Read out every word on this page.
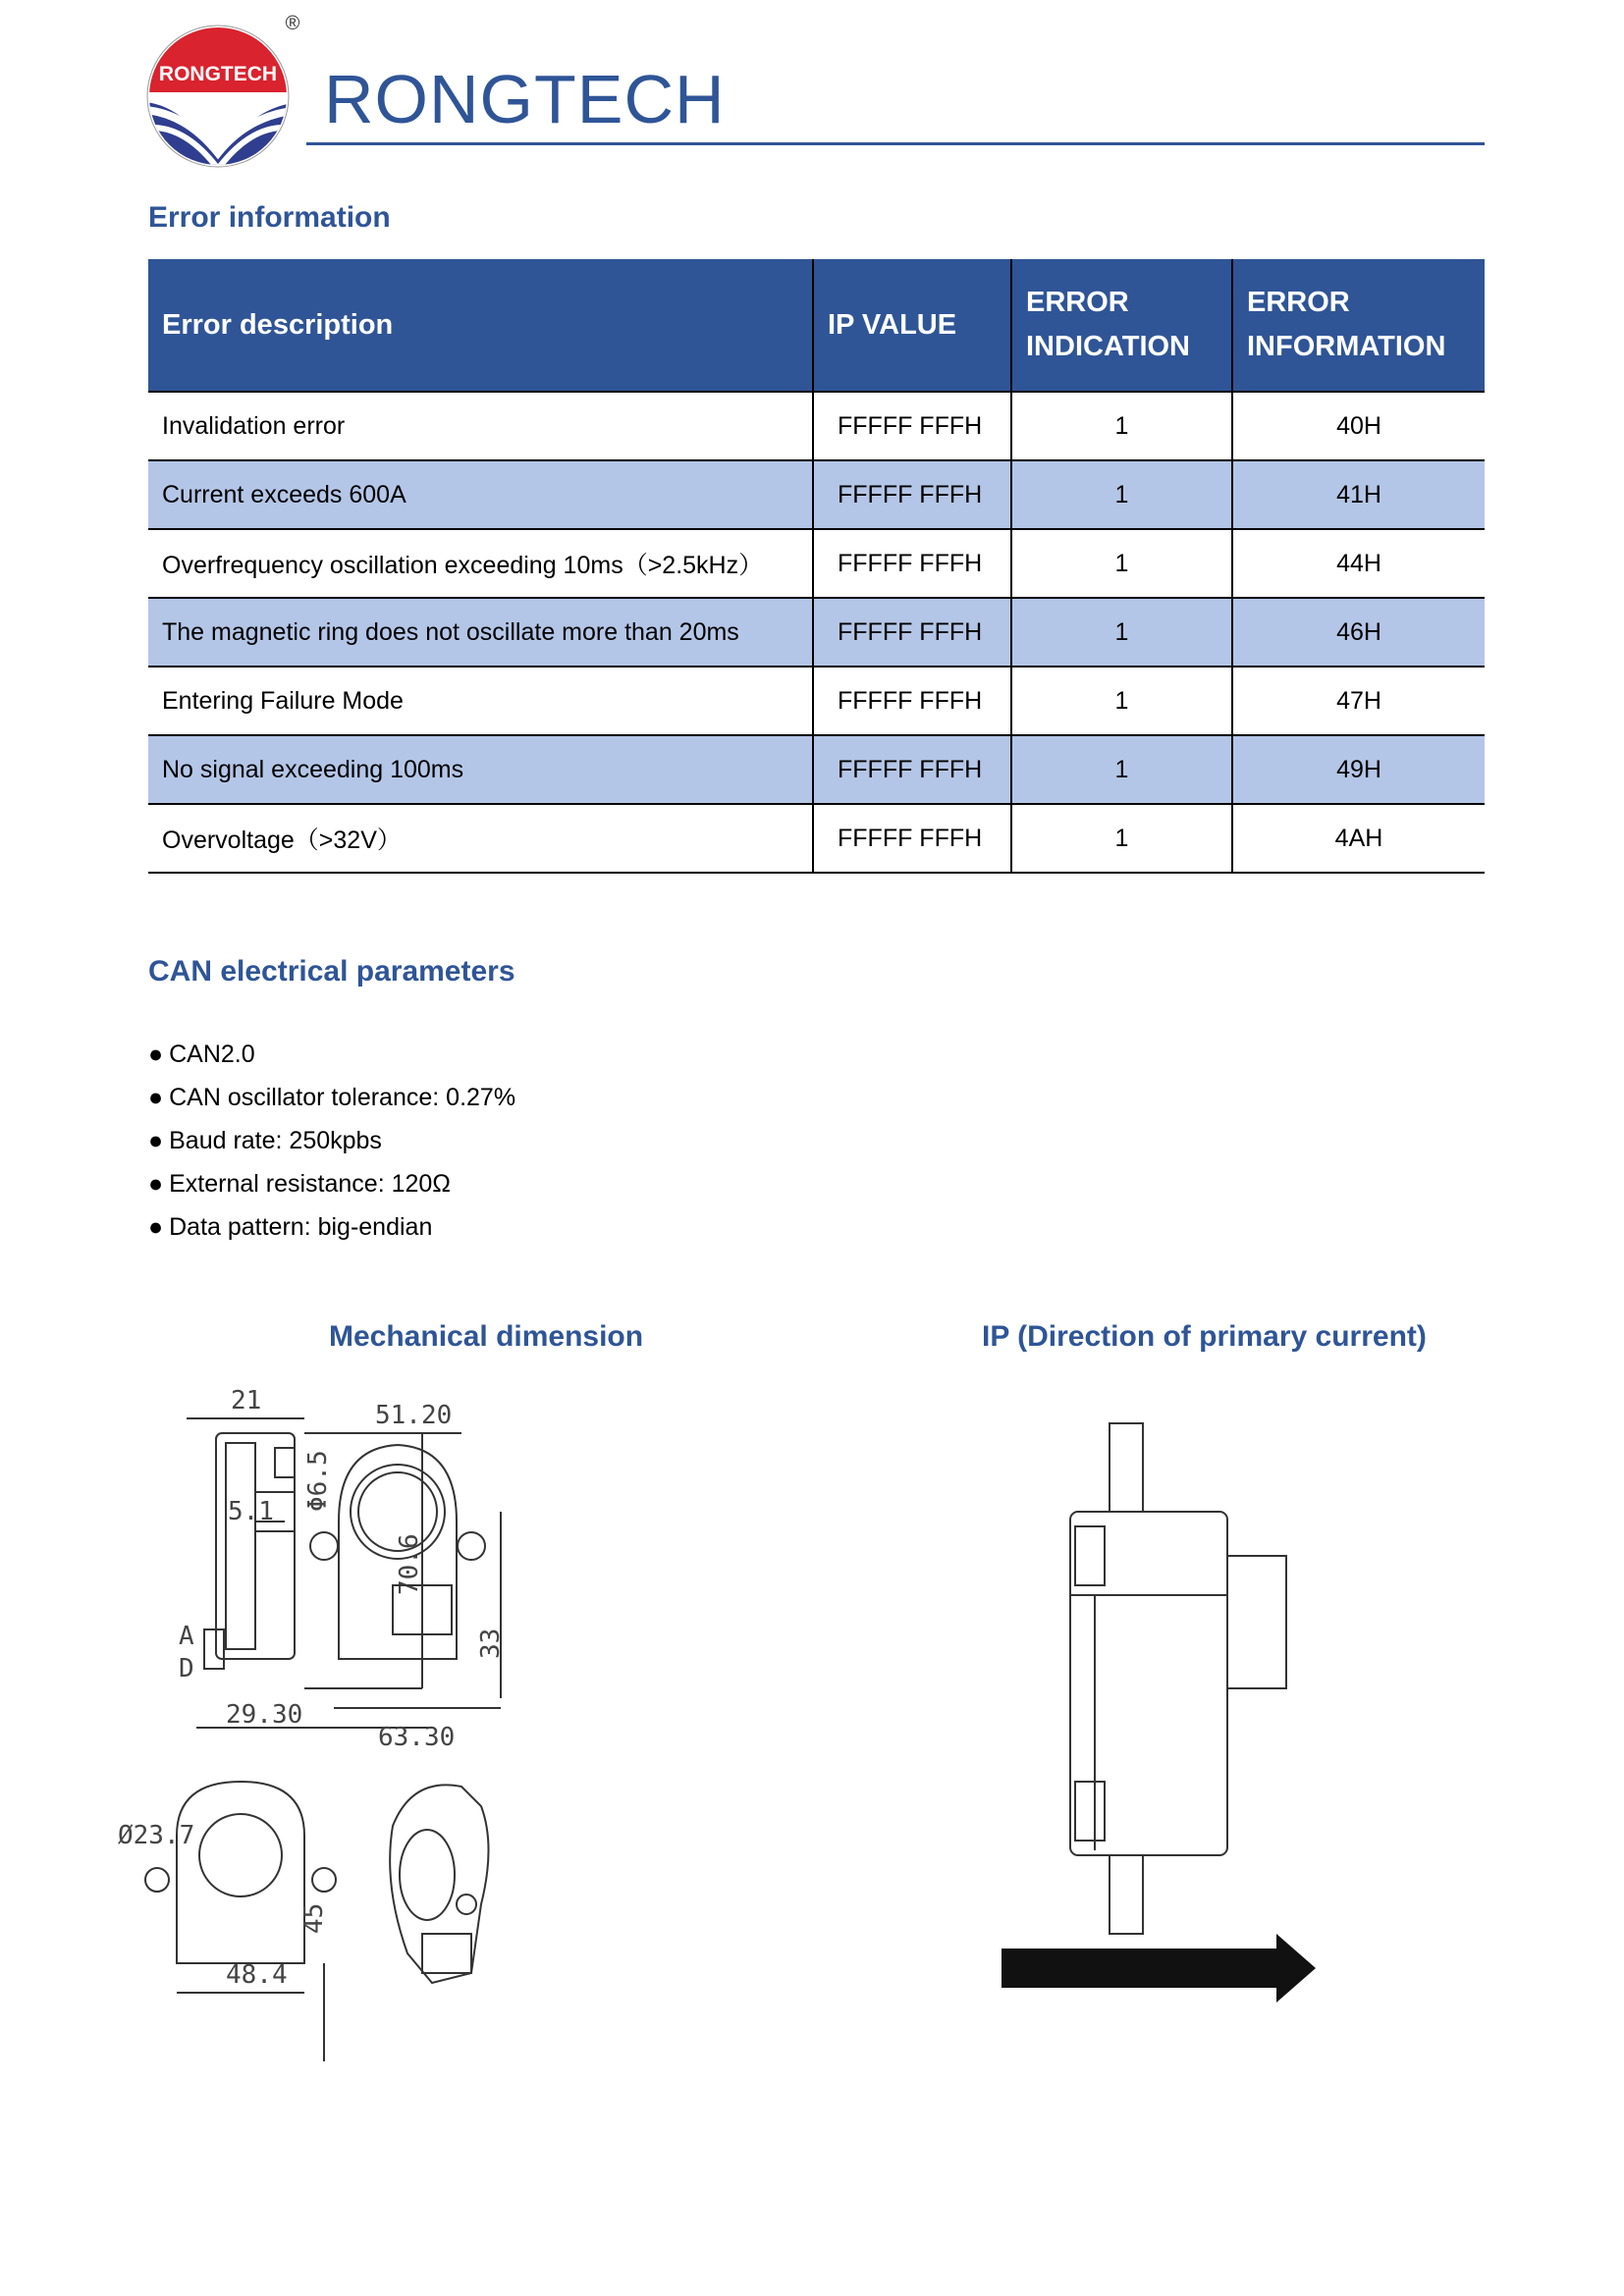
RONGTECH
®
RONGTECH
Error information
Error description	IP VALUE	ERROR INDICATION	ERROR INFORMATION
Invalidation error	FFFFF FFFH	1	40H
Current exceeds 600A	FFFFF FFFH	1	41H
Overfrequency oscillation exceeding 10ms（>2.5kHz）	FFFFF FFFH	1	44H
The magnetic ring does not oscillate more than 20ms	FFFFF FFFH	1	46H
Entering Failure Mode	FFFFF FFFH	1	47H
No signal exceeding 100ms	FFFFF FFFH	1	49H
Overvoltage（>32V）	FFFFF FFFH	1	4AH
CAN electrical parameters
● CAN2.0
● CAN oscillator tolerance: 0.27%
● Baud rate: 250kpbs
● External resistance: 120Ω
● Data pattern: big-endian
Mechanical dimension	IP (Direction of primary current)
21
5.1
70.6
A
D
29.30
51.20
Φ6.5
33
63.30
Ø23.7
45
48.4
